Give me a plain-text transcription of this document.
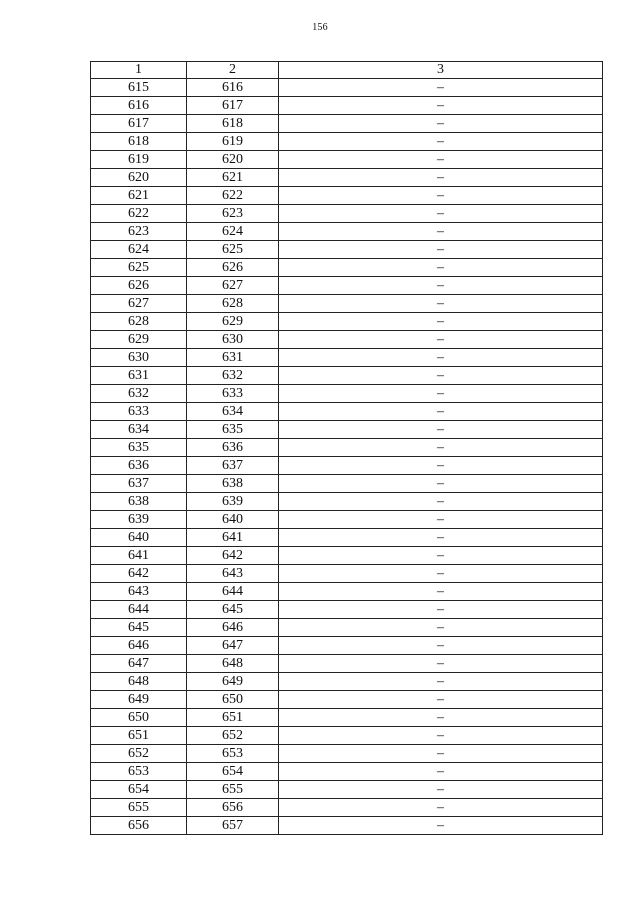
156
1	2	3
615	616	–
616	617	–
617	618	–
618	619	–
619	620	–
620	621	–
621	622	–
622	623	–
623	624	–
624	625	–
625	626	–
626	627	–
627	628	–
628	629	–
629	630	–
630	631	–
631	632	–
632	633	–
633	634	–
634	635	–
635	636	–
636	637	–
637	638	–
638	639	–
639	640	–
640	641	–
641	642	–
642	643	–
643	644	–
644	645	–
645	646	–
646	647	–
647	648	–
648	649	–
649	650	–
650	651	–
651	652	–
652	653	–
653	654	–
654	655	–
655	656	–
656	657	–
